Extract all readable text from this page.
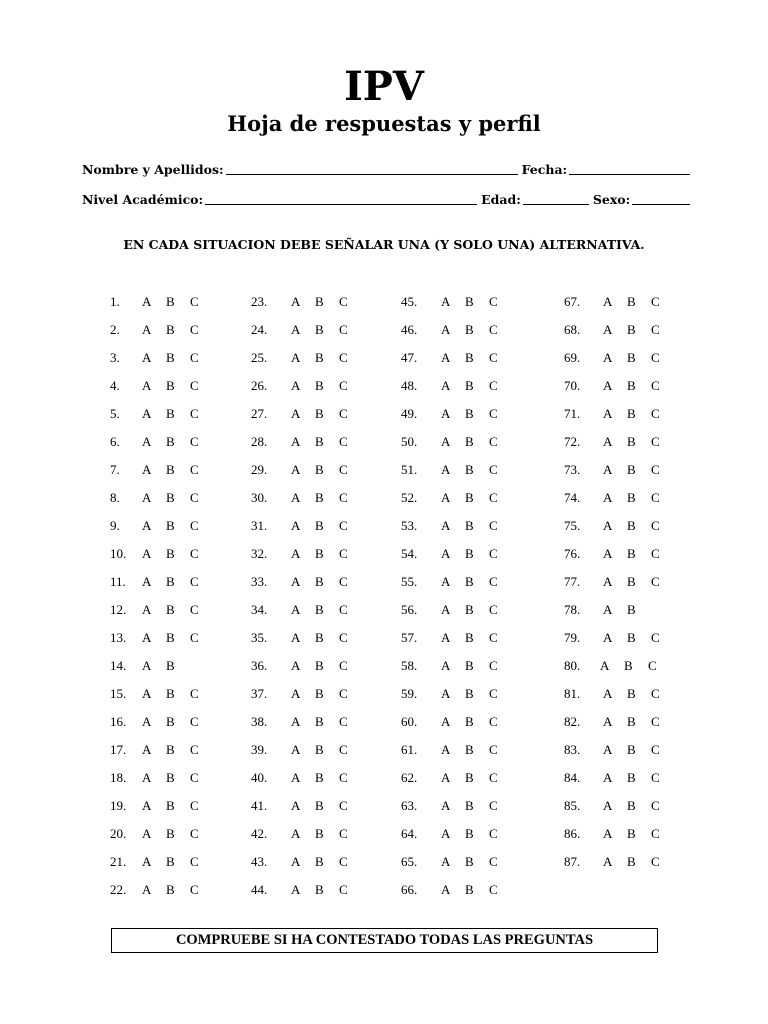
IPV
Hoja de respuestas y perfil
Nombre y Apellidos:	Fecha:
Nivel Académico:	Edad:	Sexo:
EN CADA SITUACION DEBE SEÑALAR UNA (Y SOLO UNA) ALTERNATIVA.
1. A B C
2. A B C
3. A B C
4. A B C
5. A B C
6. A B C
7. A B C
8. A B C
9. A B C
10. A B C
11. A B C
12. A B C
13. A B C
14. A B
15. A B C
16. A B C
17. A B C
18. A B C
19. A B C
20. A B C
21. A B C
22. A B C
23. A B C
24. A B C
25. A B C
26. A B C
27. A B C
28. A B C
29. A B C
30. A B C
31. A B C
32. A B C
33. A B C
34. A B C
35. A B C
36. A B C
37. A B C
38. A B C
39. A B C
40. A B C
41. A B C
42. A B C
43. A B C
44. A B C
45. A B C
46. A B C
47. A B C
48. A B C
49. A B C
50. A B C
51. A B C
52. A B C
53. A B C
54. A B C
55. A B C
56. A B C
57. A B C
58. A B C
59. A B C
60. A B C
61. A B C
62. A B C
63. A B C
64. A B C
65. A B C
66. A B C
67. A B C
68. A B C
69. A B C
70. A B C
71. A B C
72. A B C
73. A B C
74. A B C
75. A B C
76. A B C
77. A B C
78. A B
79. A B C
80. A B C
81. A B C
82. A B C
83. A B C
84. A B C
85. A B C
86. A B C
87. A B C
COMPRUEBE SI HA CONTESTADO TODAS LAS PREGUNTAS
